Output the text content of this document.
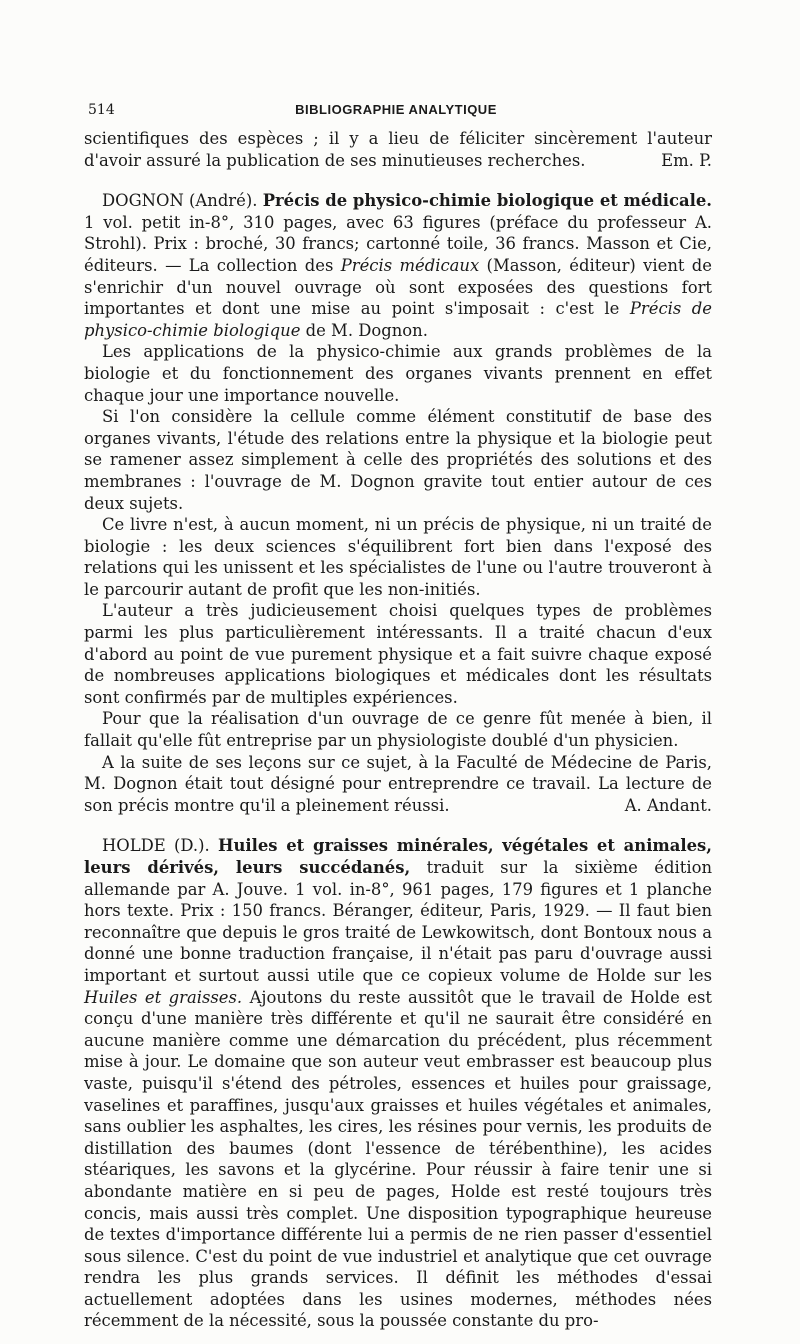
514	BIBLIOGRAPHIE ANALYTIQUE

scientifiques des espèces ; il y a lieu de féliciter sincèrement l'auteur d'avoir assuré la publication de ses minutieuses recherches.	Em. P.

DOGNON (André). Précis de physico-chimie biologique et médicale. 1 vol. petit in-8°, 310 pages, avec 63 figures (préface du professeur A. Strohl). Prix : broché, 30 francs; cartonné toile, 36 francs. Masson et Cie, éditeurs. — La collection des Précis médicaux (Masson, éditeur) vient de s'enrichir d'un nouvel ouvrage où sont exposées des questions fort importantes et dont une mise au point s'imposait : c'est le Précis de physico-chimie biologique de M. Dognon.

Les applications de la physico-chimie aux grands problèmes de la biologie et du fonctionnement des organes vivants prennent en effet chaque jour une importance nouvelle.

Si l'on considère la cellule comme élément constitutif de base des organes vivants, l'étude des relations entre la physique et la biologie peut se ramener assez simplement à celle des propriétés des solutions et des membranes : l'ouvrage de M. Dognon gravite tout entier autour de ces deux sujets.

Ce livre n'est, à aucun moment, ni un précis de physique, ni un traité de biologie : les deux sciences s'équilibrent fort bien dans l'exposé des relations qui les unissent et les spécialistes de l'une ou l'autre trouveront à le parcourir autant de profit que les non-initiés.

L'auteur a très judicieusement choisi quelques types de problèmes parmi les plus particulièrement intéressants. Il a traité chacun d'eux d'abord au point de vue purement physique et a fait suivre chaque exposé de nombreuses applications biologiques et médicales dont les résultats sont confirmés par de multiples expériences.

Pour que la réalisation d'un ouvrage de ce genre fût menée à bien, il fallait qu'elle fût entreprise par un physiologiste doublé d'un physicien.

A la suite de ses leçons sur ce sujet, à la Faculté de Médecine de Paris, M. Dognon était tout désigné pour entreprendre ce travail. La lecture de son précis montre qu'il a pleinement réussi.	A. Andant.

HOLDE (D.). Huiles et graisses minérales, végétales et animales, leurs dérivés, leurs succédanés, traduit sur la sixième édition allemande par A. Jouve. 1 vol. in-8°, 961 pages, 179 figures et 1 planche hors texte. Prix : 150 francs. Béranger, éditeur, Paris, 1929. — Il faut bien reconnaître que depuis le gros traité de Lewkowitsch, dont Bontoux nous a donné une bonne traduction française, il n'était pas paru d'ouvrage aussi important et surtout aussi utile que ce copieux volume de Holde sur les Huiles et graisses. Ajoutons du reste aussitôt que le travail de Holde est conçu d'une manière très différente et qu'il ne saurait être considéré en aucune manière comme une démarcation du précédent, plus récemment mise à jour. Le domaine que son auteur veut embrasser est beaucoup plus vaste, puisqu'il s'étend des pétroles, essences et huiles pour graissage, vaselines et paraffines, jusqu'aux graisses et huiles végétales et animales, sans oublier les asphaltes, les cires, les résines pour vernis, les produits de distillation des baumes (dont l'essence de térébenthine), les acides stéariques, les savons et la glycérine. Pour réussir à faire tenir une si abondante matière en si peu de pages, Holde est resté toujours très concis, mais aussi très complet. Une disposition typographique heureuse de textes d'importance différente lui a permis de ne rien passer d'essentiel sous silence. C'est du point de vue industriel et analytique que cet ouvrage rendra les plus grands services. Il définit les méthodes d'essai actuellement adoptées dans les usines modernes, méthodes nées récemment de la nécessité, sous la poussée constante du pro-
